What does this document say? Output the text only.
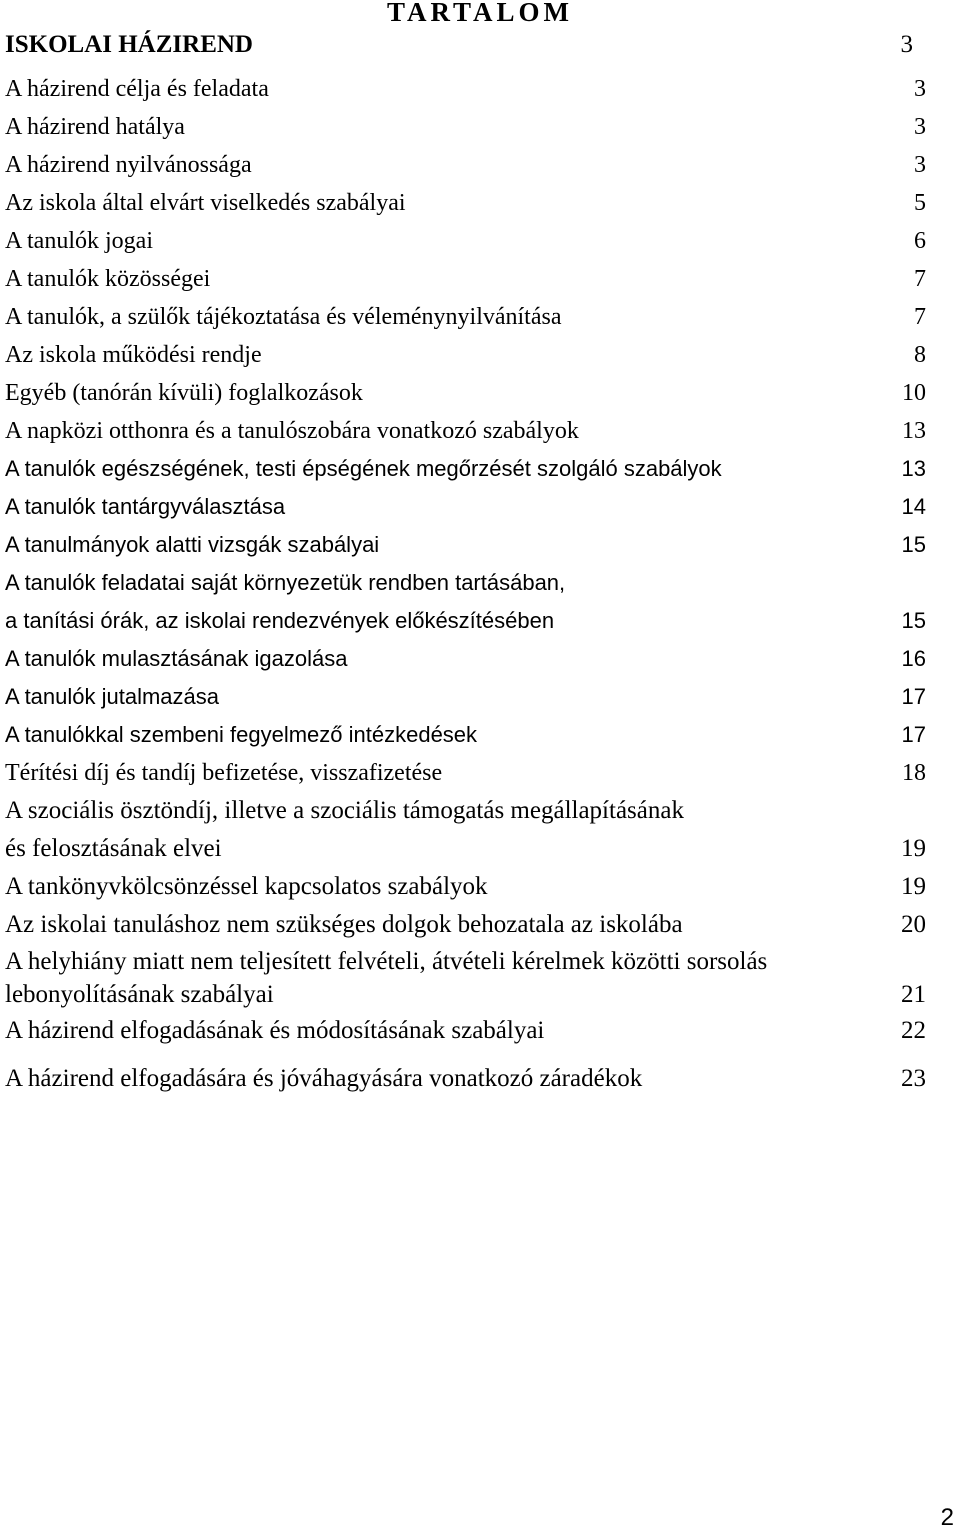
TARTALOM
ISKOLAI HÁZIREND	3
A házirend célja és feladata	3
A házirend hatálya	3
A házirend nyilvánossága	3
Az iskola által elvárt viselkedés szabályai	5
A tanulók jogai	6
A tanulók közösségei	7
A tanulók, a szülők tájékoztatása és véleménynyilvánítása	7
Az iskola működési rendje	8
Egyéb (tanórán kívüli) foglalkozások	10
A napközi otthonra és a tanulószobára vonatkozó szabályok	13
A tanulók egészségének, testi épségének megőrzését szolgáló szabályok	13
A tanulók tantárgyválasztása	14
A tanulmányok alatti vizsgák szabályai	15
A tanulók feladatai saját környezetük rendben tartásában,
a tanítási órák, az iskolai rendezvények előkészítésében	15
A tanulók mulasztásának igazolása	16
A tanulók jutalmazása	17
A tanulókkal szembeni fegyelmező intézkedések	17
Térítési díj és tandíj befizetése, visszafizetése	18
A szociális ösztöndíj, illetve a szociális támogatás megállapításának
és felosztásának elvei	19
A tankönyvkölcsönzéssel kapcsolatos szabályok	19
Az iskolai tanuláshoz nem szükséges dolgok behozatala az iskolába	20
A helyhiány miatt nem teljesített felvételi, átvételi kérelmek közötti sorsolás
lebonyolításának szabályai	21
A házirend elfogadásának és módosításának szabályai	22
A házirend elfogadására és jóváhagyására vonatkozó záradékok	23
2
